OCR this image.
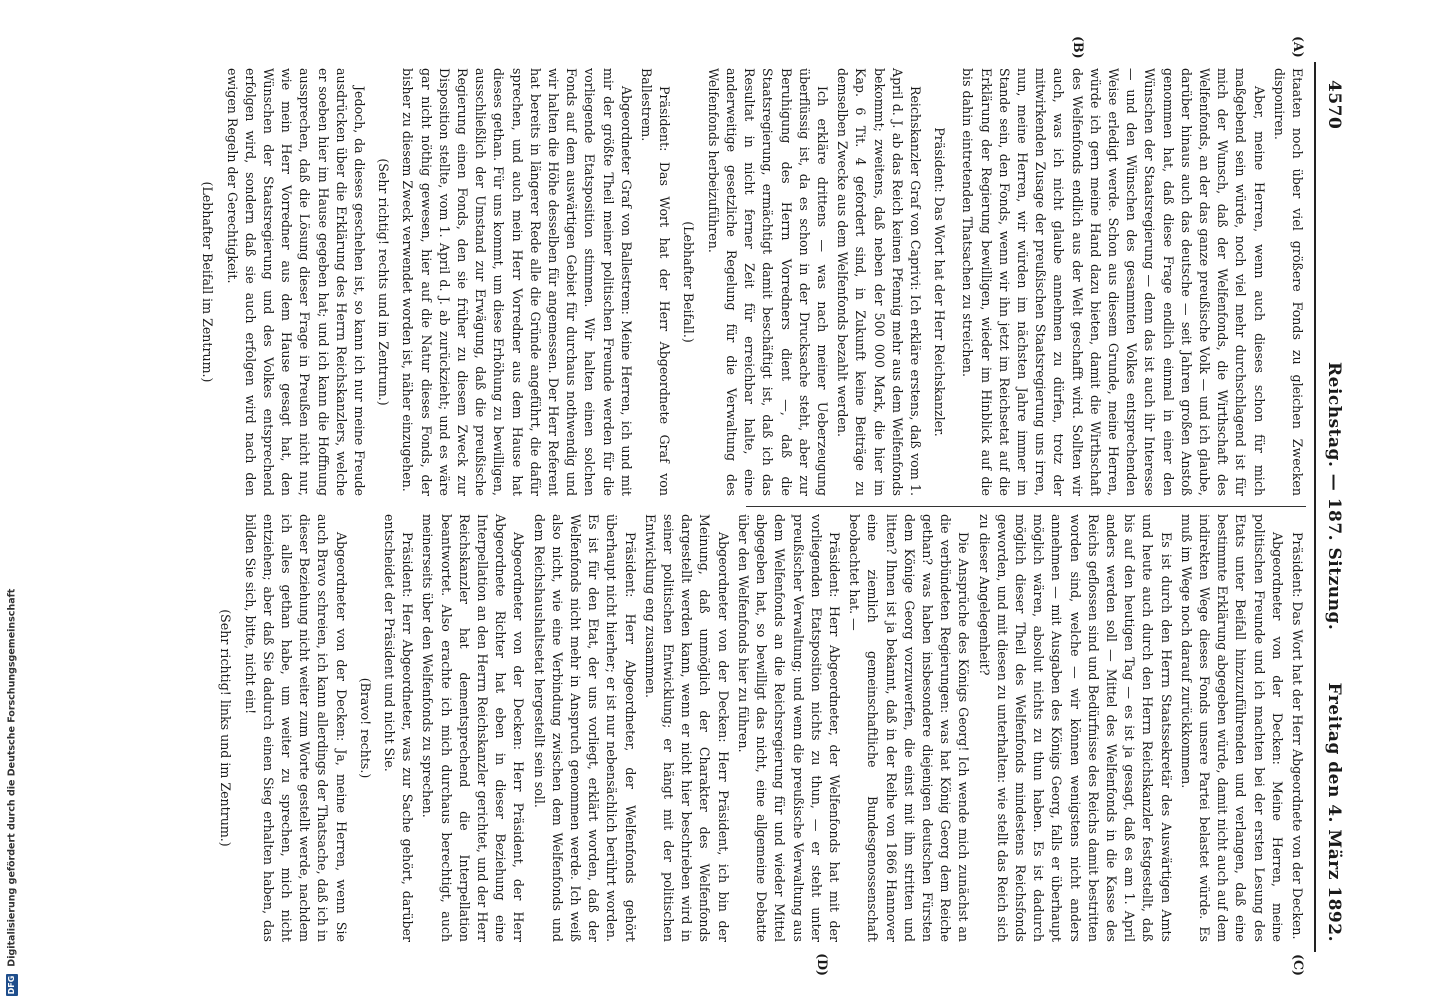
4570
Reichstag. — 187. Sitzung.
Freitag den 4. März 1892.
(A)
(B)
(C)
(D)

Etaaten noch über viel größere Fonds zu gleichen Zwecken disponiren.

Aber, meine Herren, wenn auch dieses schon für mich maßgebend sein würde, noch viel mehr durchschlagend ist für mich der Wunsch, daß der Welfenfonds, die Wirthschaft des Welfenfonds, an der das ganze preußische Volk — und ich glaube, darüber hinaus auch das deutsche — seit Jahren großen Anstoß genommen hat, daß diese Frage endlich einmal in einer den Wünschen der Staatsregierung — denn das ist auch ihr Interesse — und den Wünschen des gesammten Volkes entsprechenden Weise erledigt werde. Schon aus diesem Grunde, meine Herren, würde ich gern meine Hand dazu bieten, damit die Wirthschaft des Welfenfonds endlich aus der Welt geschafft wird. Sollten wir auch, was ich nicht glaube annehmen zu dürfen, trotz der mitwirkenden Zusage der preußischen Staatsregierung uns irren, nun, meine Herren, wir würden im nächsten Jahre immer im Stande sein, den Fonds, wenn wir ihn jetzt im Reichsetat auf die Erklärung der Regierung bewilligen, wieder im Hinblick auf die bis dahin eintretenden Thatsachen zu streichen.

Präsident: Das Wort hat der Herr Reichskanzler.

Reichskanzler Graf von Caprivi: Ich erkläre erstens, daß vom 1. April d. J. ab das Reich keinen Pfennig mehr aus dem Welfenfonds bekommt; zweitens, daß neben der 500 000 Mark, die hier im Kap. 6 Tit. 4 gefordert sind, in Zukunft keine Beiträge zu demselben Zwecke aus dem Welfenfonds bezahlt werden.

Ich erkläre drittens — was nach meiner Ueberzeugung überflüssig ist, da es schon in der Drucksache steht, aber zur Beruhigung des Herrn Vorredners dient —, daß die Staatsregierung, ermächtigt damit beschäftigt ist, daß ich das Resultat in nicht ferner Zeit für erreichbar halte, eine anderweitige gesetzliche Regelung für die Verwaltung des Welfenfonds herbeizuführen.

(Lebhafter Beifall.)

Präsident: Das Wort hat der Herr Abgeordnete Graf von Ballestrem.

Abgeordneter Graf von Ballestrem: Meine Herren, ich und mit mir der größte Theil meiner politischen Freunde werden für die vorliegende Etatsposition stimmen. Wir halten einen solchen Fonds auf dem auswärtigen Gebiet für durchaus nothwendig und wir halten die Höhe desselben für angemessen. Der Herr Referent hat bereits in längerer Rede alle die Gründe angeführt, die dafür sprechen, und auch mein Herr Vorredner aus dem Hause hat dieses gethan. Für uns kommt, um diese Erhöhung zu bewilligen, ausschließlich der Umstand zur Erwägung, daß die preußische Regierung einen Fonds, den sie früher zu diesem Zweck zur Disposition stellte, vom 1. April d. J. ab zurückzieht; und es wäre gar nicht nöthig gewesen, hier auf die Natur dieses Fonds, der bisher zu diesem Zweck verwendet worden ist, näher einzugehen.

(Sehr richtig! rechts und im Zentrum.)

Jedoch, da dieses geschehen ist, so kann ich nur meine Freude ausdrücken über die Erklärung des Herrn Reichskanzlers, welche er soeben hier im Hause gegeben hat; und ich kann die Hoffnung aussprechen, daß die Lösung dieser Frage in Preußen nicht nur, wie mein Herr Vorredner aus dem Hause gesagt hat, den Wünschen der Staatsregierung und des Volkes entsprechend erfolgen wird, sondern daß sie auch erfolgen wird nach den ewigen Regeln der Gerechtigkeit.

(Lebhafter Beifall im Zentrum.)

Präsident: Das Wort hat der Herr Abgeordnete von der Decken.

Abgeordneter von der Decken: Meine Herren, meine politischen Freunde und ich machten bei der ersten Lesung des Etats unter Beifall hinzuzuführenden und verlangen, daß eine bestimmte Erklärung abgegeben würde, damit nicht auch auf dem indirekten Wege dieses Fonds unsere Partei belastet würde. Es muß im Wege noch darauf zurückkommen.

Es ist durch den Herrn Staatssekretär des Auswärtigen Amts und heute auch durch den Herrn Reichskanzler festgestellt, daß bis auf den heutigen Tag — es ist ja gesagt, daß es am 1. April anders werden soll — Mittel des Welfenfonds in die Kasse des Reichs geflossen sind und Bedürfnisse des Reichs damit bestritten worden sind, welche — wir können wenigstens nicht anders annehmen — mit Ausgaben des Königs Georg, falls er überhaupt möglich wären, absolut nichts zu thun haben. Es ist dadurch möglich dieser Theil des Welfenfonds mindestens Reichsfonds geworden, und mit diesen zu unterhalten: wie stellt das Reich sich zu dieser Angelegenheit?

Die Ansprüche des Königs Georg! Ich wende mich zunächst an die verbündeten Regierungen: was hat König Georg dem Reiche gethan? was haben insbesondere diejenigen deutschen Fürsten dem Könige Georg vorzuwerfen, die einst mit ihm stritten und litten? Ihnen ist ja bekannt, daß in der Reihe von 1866 Hannover eine ziemlich gemeinschaftliche Bundesgenossenschaft beobachtet hat. —

Präsident: Herr Abgeordneter, der Welfenfonds hat mit der vorliegenden Etatsposition nichts zu thun, — er steht unter preußischer Verwaltung; und wenn die preußische Verwaltung aus dem Welfenfonds an die Reichsregierung für und wieder Mittel abgegeben hat, so bewilligt das nicht, eine allgemeine Debatte über den Welfenfonds hier zu führen.

Abgeordneter von der Decken: Herr Präsident, ich bin der Meinung, daß unmöglich der Charakter des Welfenfonds dargestellt werden kann, wenn er nicht hier beschrieben wird in seiner politischen Entwicklung; er hängt mit der politischen Entwicklung eng zusammen.

Präsident: Herr Abgeordneter, der Welfenfonds gehört überhaupt nicht hierher; er ist nur nebensächlich berührt worden. Es ist für den Etat, der uns vorliegt, erklärt worden, daß der Welfenfonds nicht mehr in Anspruch genommen werde. Ich weiß also nicht, wie eine Verbindung zwischen dem Welfenfonds und dem Reichshaushaltsetat hergestellt sein soll.

Abgeordneter von der Decken: Herr Präsident, der Herr Abgeordnete Richter hat eben in dieser Beziehung eine Interpellation an den Herrn Reichskanzler gerichtet, und der Herr Reichskanzler hat dementsprechend die Interpellation beantwortet. Also erachte ich mich durchaus berechtigt, auch meinerseits über den Welfenfonds zu sprechen.

Präsident: Herr Abgeordneter, was zur Sache gehört, darüber entscheidet der Präsident und nicht Sie.

(Bravo! rechts.)

Abgeordneter von der Decken: Ja, meine Herren, wenn Sie auch Bravo schreien, ich kann allerdings der Thatsache, daß ich in dieser Beziehung nicht weiter zum Worte gestellt werde, nachdem ich alles gethan habe, um weiter zu sprechen, mich nicht entziehen; aber daß Sie dadurch einen Sieg erhalten haben, das bilden Sie sich, bitte, nicht ein!

(Sehr richtig! links und im Zentrum.)

DFG Digitalisierung gefördert durch die Deutsche Forschungsgemeinschaft
